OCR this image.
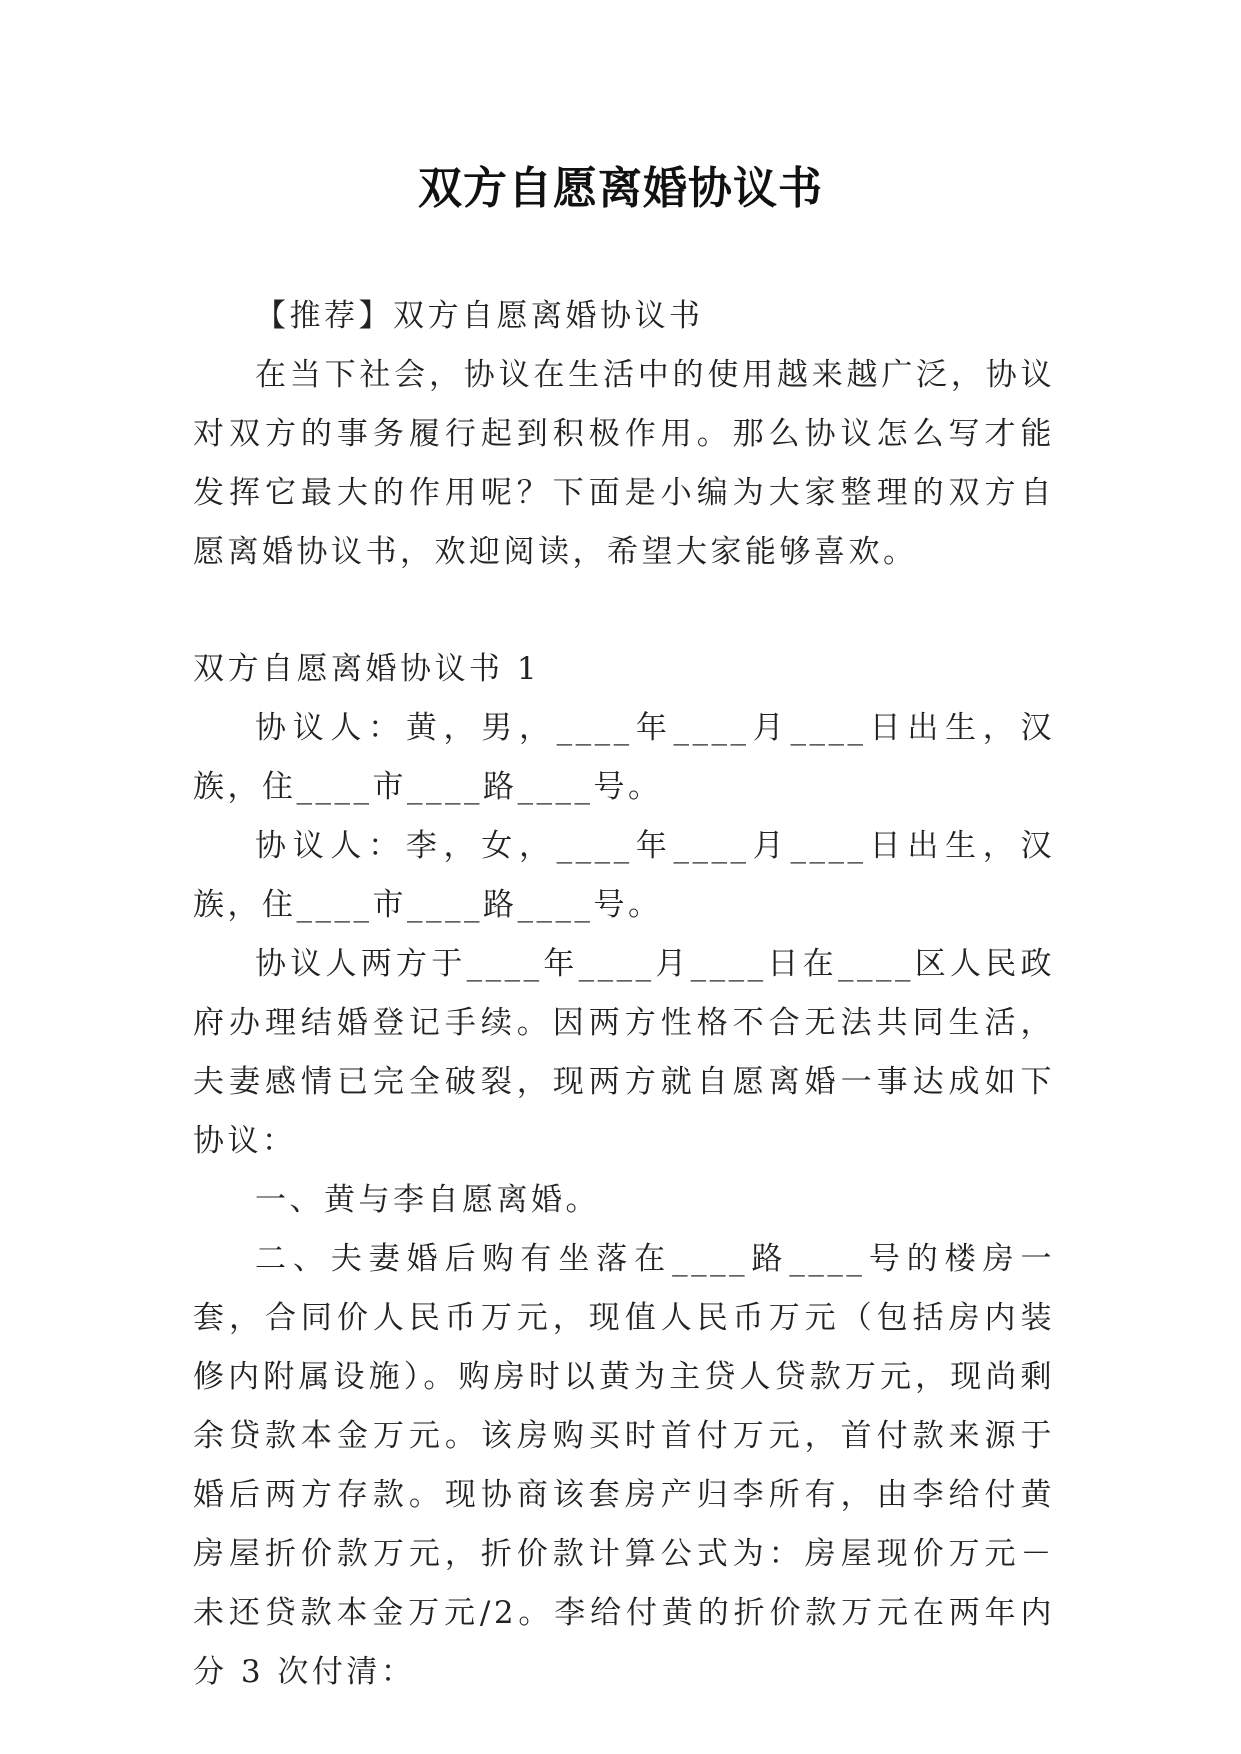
双方自愿离婚协议书

【推荐】双方自愿离婚协议书

在当下社会，协议在生活中的使用越来越广泛，协议对双方的事务履行起到积极作用。那么协议怎么写才能发挥它最大的作用呢？下面是小编为大家整理的双方自愿离婚协议书，欢迎阅读，希望大家能够喜欢。

双方自愿离婚协议书 1

协议人：黄，男，____年____月____日出生，汉族，住____市____路____号。

协议人：李，女，____年____月____日出生，汉族，住____市____路____号。

协议人两方于____年____月____日在____区人民政府办理结婚登记手续。因两方性格不合无法共同生活，夫妻感情已完全破裂，现两方就自愿离婚一事达成如下协议：

一、黄与李自愿离婚。

二、夫妻婚后购有坐落在____路____号的楼房一套，合同价人民币万元，现值人民币万元（包括房内装修内附属设施）。购房时以黄为主贷人贷款万元，现尚剩余贷款本金万元。该房购买时首付万元，首付款来源于婚后两方存款。现协商该套房产归李所有，由李给付黄房屋折价款万元，折价款计算公式为：房屋现价万元－未还贷款本金万元/2。李给付黄的折价款万元在两年内分 3 次付清：
